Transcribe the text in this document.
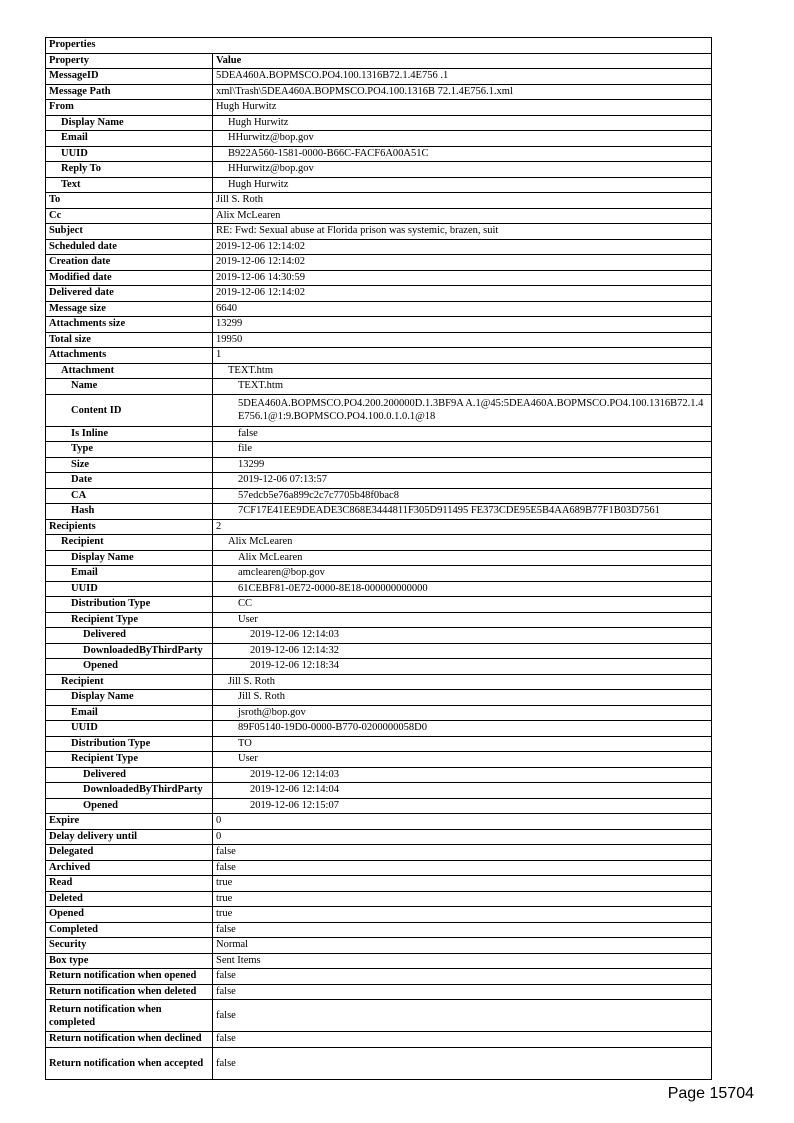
Properties	
Property	Value
MessageID	5DEA460A.BOPMSCO.PO4.100.1316B72.1.4E756 .1
Message Path	xml\Trash\5DEA460A.BOPMSCO.PO4.100.1316B 72.1.4E756.1.xml
From	Hugh Hurwitz
Display Name	Hugh Hurwitz
Email	HHurwitz@bop.gov
UUID	B922A560-1581-0000-B66C-FACF6A00A51C
Reply To	HHurwitz@bop.gov
Text	Hugh Hurwitz
To	Jill S. Roth
Cc	Alix McLearen
Subject	RE: Fwd: Sexual abuse at Florida prison was systemic, brazen, suit
Scheduled date	2019-12-06 12:14:02
Creation date	2019-12-06 12:14:02
Modified date	2019-12-06 14:30:59
Delivered date	2019-12-06 12:14:02
Message size	6640
Attachments size	13299
Total size	19950
Attachments	1
Attachment	TEXT.htm
Name	TEXT.htm
Content ID	5DEA460A.BOPMSCO.PO4.200.200000D.1.3BF9A A.1@45:5DEA460A.BOPMSCO.PO4.100.1316B72.1.4E756.1@1:9.BOPMSCO.PO4.100.0.1.0.1@18
Is Inline	false
Type	file
Size	13299
Date	2019-12-06 07:13:57
CA	57edcb5e76a899c2c7c7705b48f0bac8
Hash	7CF17E41EE9DEADE3C868E3444811F305D911495 FE373CDE95E5B4AA689B77F1B03D7561
Recipients	2
Recipient	Alix McLearen
Display Name	Alix McLearen
Email	amclearen@bop.gov
UUID	61CEBF81-0E72-0000-8E18-000000000000
Distribution Type	CC
Recipient Type	User
Delivered	2019-12-06 12:14:03
DownloadedByThirdParty	2019-12-06 12:14:32
Opened	2019-12-06 12:18:34
Recipient	Jill S. Roth
Display Name	Jill S. Roth
Email	jsroth@bop.gov
UUID	89F05140-19D0-0000-B770-0200000058D0
Distribution Type	TO
Recipient Type	User
Delivered	2019-12-06 12:14:03
DownloadedByThirdParty	2019-12-06 12:14:04
Opened	2019-12-06 12:15:07
Expire	0
Delay delivery until	0
Delegated	false
Archived	false
Read	true
Deleted	true
Opened	true
Completed	false
Security	Normal
Box type	Sent Items
Return notification when opened	false
Return notification when deleted	false
Return notification when completed	false
Return notification when declined	false
Return notification when accepted	false
Page 15704
